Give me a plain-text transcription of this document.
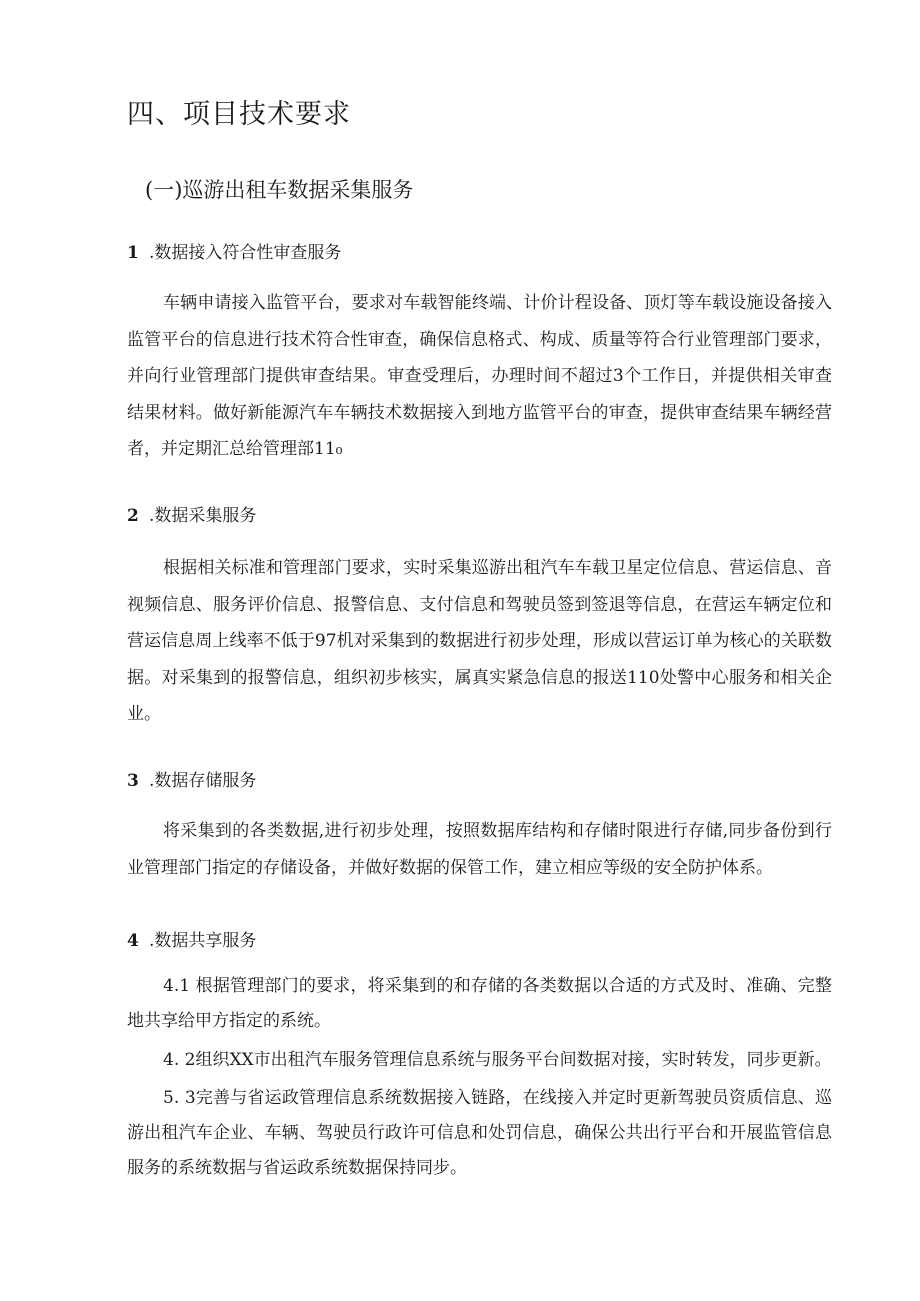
四、项目技术要求
(一)巡游出租车数据采集服务
1 .数据接入符合性审查服务

车辆申请接入监管平台，要求对车载智能终端、计价计程设备、顶灯等车载设施设备接入监管平台的信息进行技术符合性审查，确保信息格式、构成、质量等符合行业管理部门要求，并向行业管理部门提供审查结果。审查受理后，办理时间不超过3个工作日，并提供相关审查结果材料。做好新能源汽车车辆技术数据接入到地方监管平台的审查，提供审查结果车辆经营者，并定期汇总给管理部11₀

2 .数据采集服务

根据相关标准和管理部门要求，实时采集巡游出租汽车车载卫星定位信息、营运信息、音视频信息、服务评价信息、报警信息、支付信息和驾驶员签到签退等信息，在营运车辆定位和营运信息周上线率不低于97机对采集到的数据进行初步处理，形成以营运订单为核心的关联数据。对采集到的报警信息，组织初步核实，属真实紧急信息的报送110处警中心服务和相关企业。

3 .数据存储服务

将采集到的各类数据,进行初步处理，按照数据库结构和存储时限进行存储,同步备份到行业管理部门指定的存储设备，并做好数据的保管工作，建立相应等级的安全防护体系。

4 .数据共享服务

4.1 根据管理部门的要求，将采集到的和存储的各类数据以合适的方式及时、准确、完整地共享给甲方指定的系统。

4. 2组织XX市出租汽车服务管理信息系统与服务平台间数据对接，实时转发，同步更新。

5. 3完善与省运政管理信息系统数据接入链路，在线接入并定时更新驾驶员资质信息、巡游出租汽车企业、车辆、驾驶员行政许可信息和处罚信息，确保公共出行平台和开展监管信息服务的系统数据与省运政系统数据保持同步。
